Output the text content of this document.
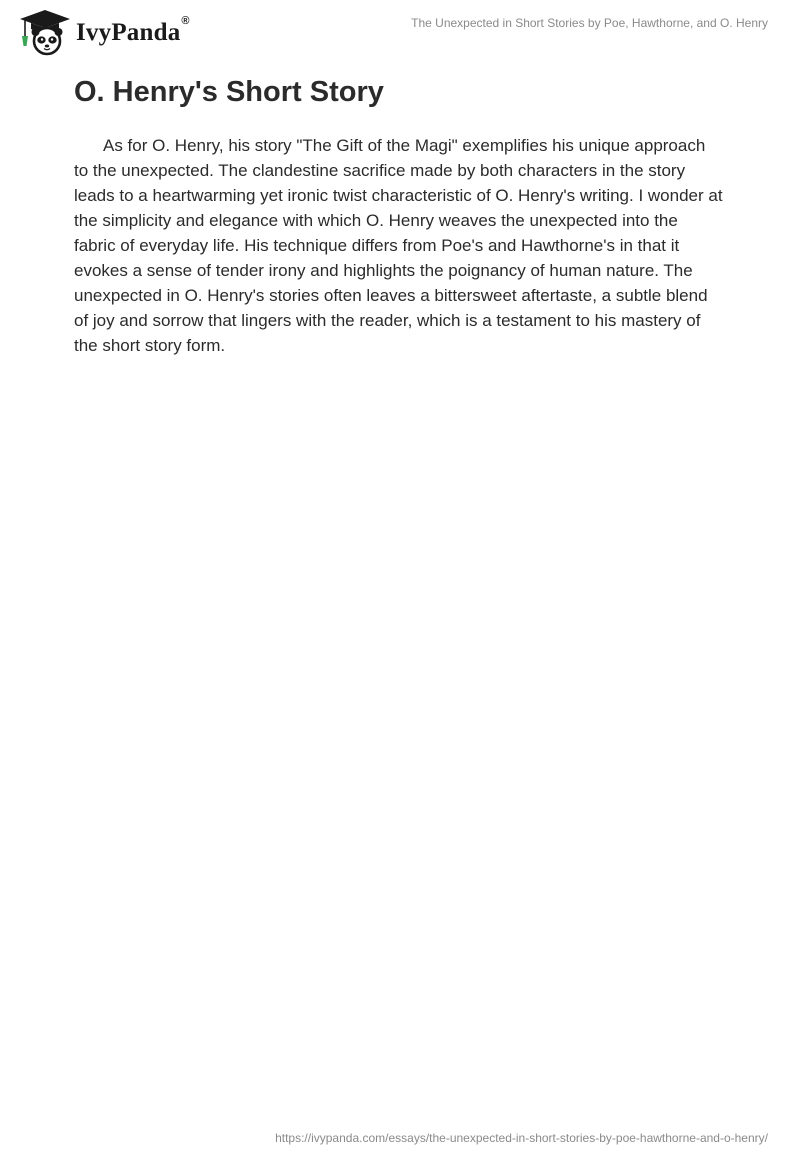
IvyPanda ®	The Unexpected in Short Stories by Poe, Hawthorne, and O. Henry
O. Henry's Short Story

As for O. Henry, his story "The Gift of the Magi" exemplifies his unique approach to the unexpected. The clandestine sacrifice made by both characters in the story leads to a heartwarming yet ironic twist characteristic of O. Henry's writing. I wonder at the simplicity and elegance with which O. Henry weaves the unexpected into the fabric of everyday life. His technique differs from Poe's and Hawthorne's in that it evokes a sense of tender irony and highlights the poignancy of human nature. The unexpected in O. Henry's stories often leaves a bittersweet aftertaste, a subtle blend of joy and sorrow that lingers with the reader, which is a testament to his mastery of the short story form.

https://ivypanda.com/essays/the-unexpected-in-short-stories-by-poe-hawthorne-and-o-henry/
